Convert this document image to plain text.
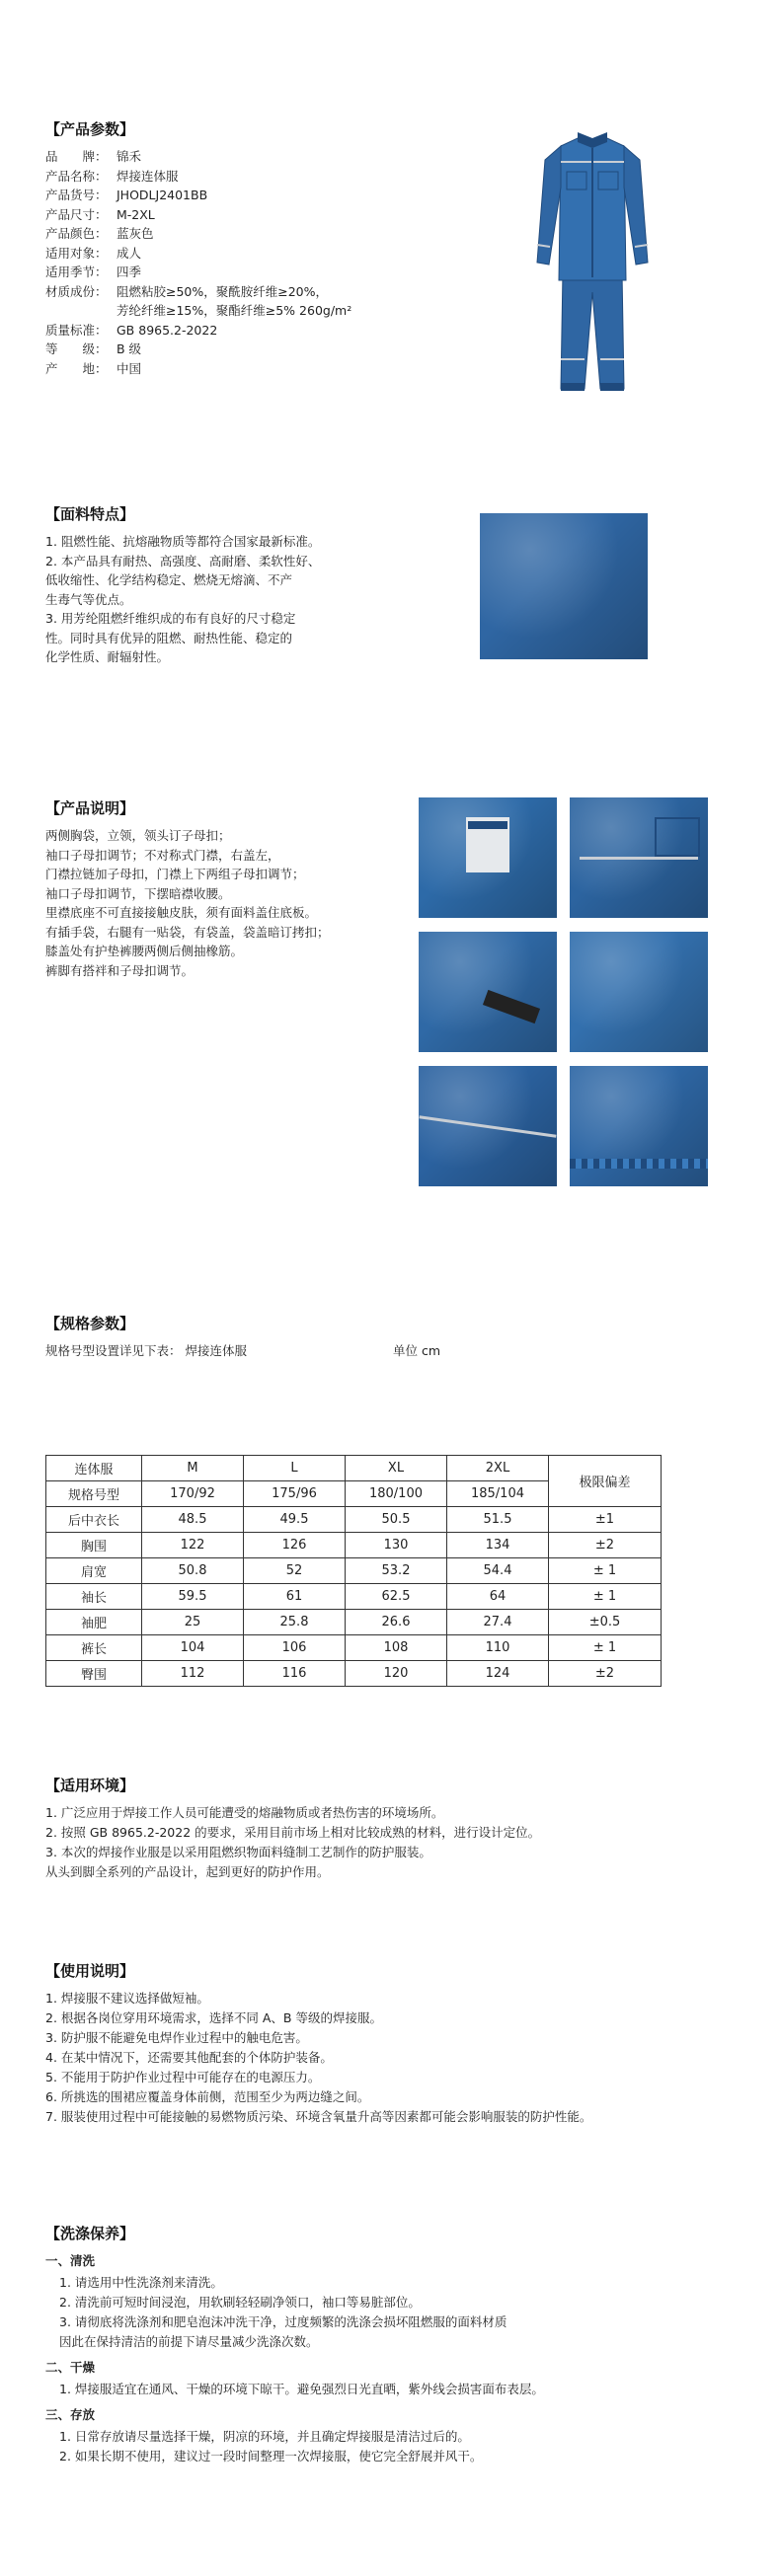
【产品参数】
品　　牌： 锦禾
产品名称： 焊接连体服
产品货号： JHODLJ2401BB
产品尺寸： M-2XL
产品颜色： 蓝灰色
适用对象： 成人
适用季节： 四季
材质成份： 阻燃粘胶≥50%，聚酰胺纤维≥20%，
芳纶纤维≥15%，聚酯纤维≥5% 260g/m²
质量标准： GB 8965.2-2022
等　　级： B 级
产　　地： 中国
【面料特点】
1. 阻燃性能、抗熔融物质等都符合国家最新标准。
2. 本产品具有耐热、高强度、高耐磨、柔软性好、
低收缩性、化学结构稳定、燃烧无熔滴、不产
生毒气等优点。
3. 用芳纶阻燃纤维织成的布有良好的尺寸稳定
性。同时具有优异的阻燃、耐热性能、稳定的
化学性质、耐辐射性。
【产品说明】
两侧胸袋，立领，领头订子母扣；
袖口子母扣调节；不对称式门襟，右盖左，
门襟拉链加子母扣，门襟上下两组子母扣调节；
袖口子母扣调节，下摆暗襟收腰。
里襟底座不可直接接触皮肤，须有面料盖住底板。
有插手袋，右腿有一贴袋，有袋盖，袋盖暗订拷扣；
膝盖处有护垫裤腰两侧后侧抽橡筋。
裤脚有搭袢和子母扣调节。
【规格参数】
规格号型设置详见下表： 焊接连体服	单位 cm
连体服	M	L	XL	2XL	极限偏差
规格号型	170/92	175/96	180/100	185/104	
后中衣长	48.5	49.5	50.5	51.5	±1
胸围	122	126	130	134	±2
肩宽	50.8	52	53.2	54.4	± 1
袖长	59.5	61	62.5	64	± 1
袖肥	25	25.8	26.6	27.4	±0.5
裤长	104	106	108	110	± 1
臀围	112	116	120	124	±2
【适用环境】
1. 广泛应用于焊接工作人员可能遭受的熔融物质或者热伤害的环境场所。
2. 按照 GB 8965.2-2022 的要求，采用目前市场上相对比较成熟的材料，进行设计定位。
3. 本次的焊接作业服是以采用阻燃织物面料缝制工艺制作的防护服装。
从头到脚全系列的产品设计，起到更好的防护作用。
【使用说明】
1. 焊接服不建议选择做短袖。
2. 根据各岗位穿用环境需求，选择不同 A、B 等级的焊接服。
3. 防护服不能避免电焊作业过程中的触电危害。
4. 在某中情况下，还需要其他配套的个体防护装备。
5. 不能用于防护作业过程中可能存在的电源压力。
6. 所挑选的围裙应覆盖身体前侧，范围至少为两边缝之间。
7. 服装使用过程中可能接触的易燃物质污染、环境含氧量升高等因素都可能会影响服装的防护性能。
【洗涤保养】
一、清洗
1. 请选用中性洗涤剂来清洗。
2. 清洗前可短时间浸泡，用软刷轻轻刷净领口，袖口等易脏部位。
3. 请彻底将洗涤剂和肥皂泡沫冲洗干净，过度频繁的洗涤会损坏阻燃服的面料材质
因此在保持清洁的前提下请尽量减少洗涤次数。
二、干燥
1. 焊接服适宜在通风、干燥的环境下晾干。避免强烈日光直晒，紫外线会损害面布表层。
三、存放
1. 日常存放请尽量选择干燥，阴凉的环境，并且确定焊接服是清洁过后的。
2. 如果长期不使用，建议过一段时间整理一次焊接服，使它完全舒展并风干。
